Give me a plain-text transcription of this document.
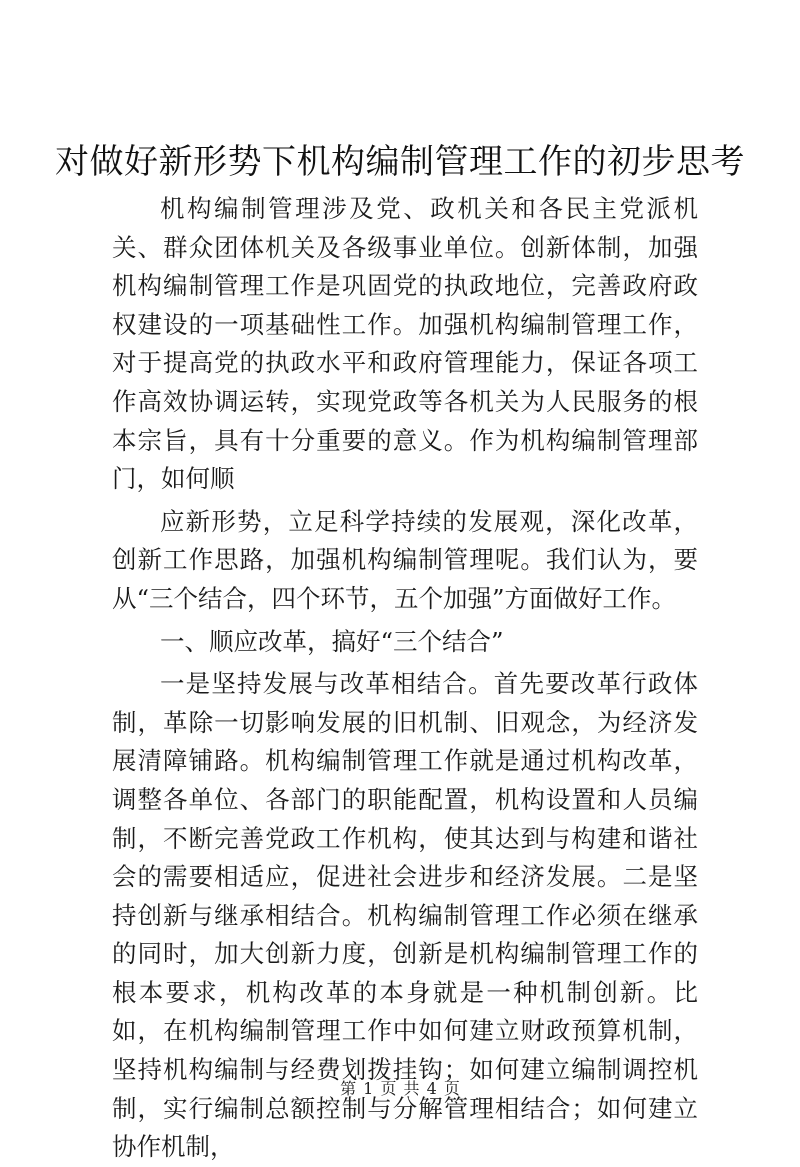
对做好新形势下机构编制管理工作的初步思考

机构编制管理涉及党、政机关和各民主党派机关、群众团体机关及各级事业单位。创新体制，加强机构编制管理工作是巩固党的执政地位，完善政府政权建设的一项基础性工作。加强机构编制管理工作，对于提高党的执政水平和政府管理能力，保证各项工作高效协调运转，实现党政等各机关为人民服务的根本宗旨，具有十分重要的意义。作为机构编制管理部门，如何顺

应新形势，立足科学持续的发展观，深化改革，创新工作思路，加强机构编制管理呢。我们认为，要从“三个结合，四个环节，五个加强”方面做好工作。

一、顺应改革，搞好“三个结合”

一是坚持发展与改革相结合。首先要改革行政体制，革除一切影响发展的旧机制、旧观念，为经济发展清障铺路。机构编制管理工作就是通过机构改革，调整各单位、各部门的职能配置，机构设置和人员编制，不断完善党政工作机构，使其达到与构建和谐社会的需要相适应，促进社会进步和经济发展。二是坚持创新与继承相结合。机构编制管理工作必须在继承的同时，加大创新力度，创新是机构编制管理工作的根本要求，机构改革的本身就是一种机制创新。比如，在机构编制管理工作中如何建立财政预算机制，坚持机构编制与经费划拨挂钩；如何建立编制调控机制，实行编制总额控制与分解管理相结合；如何建立协作机制，

第 1 页 共 4 页
